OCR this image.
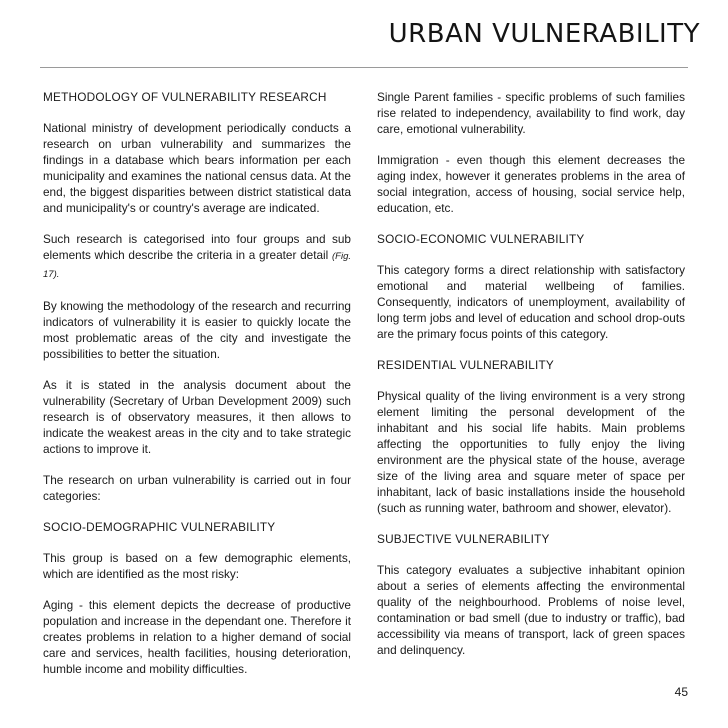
URBAN VULNERABILITY

METHODOLOGY OF VULNERABILITY RESEARCH

National ministry of development periodically conducts a research on urban vulnerability and summarizes the findings in a database which bears information per each municipality and examines the national census data. At the end, the biggest disparities between district statistical data and municipality's or country's average are indicated.

Such research is categorised into four groups and sub elements which describe the criteria in a greater detail (Fig. 17).

By knowing the methodology of the research and recurring indicators of vulnerability it is easier to quickly locate the most problematic areas of the city and investigate the possibilities to better the situation.

As it is stated in the analysis document about the vulnerability (Secretary of Urban Development 2009) such research is of observatory measures, it then allows to indicate the weakest areas in the city and to take strategic actions to improve it.

The research on urban vulnerability is carried out in four categories:

SOCIO-DEMOGRAPHIC VULNERABILITY

This group is based on a few demographic elements, which are identified as the most risky:

Aging - this element depicts the decrease of productive population and increase in the dependant one. Therefore it creates problems in relation to a higher demand of social care and services, health facilities, housing deterioration, humble income and mobility difficulties.

Single Parent families - specific problems of such families rise related to independency, availability to find work, day care, emotional vulnerability.

Immigration - even though this element decreases the aging index, however it generates problems in the area of social integration, access of housing, social service help, education, etc.

SOCIO-ECONOMIC VULNERABILITY

This category forms a direct relationship with satisfactory emotional and material wellbeing of families. Consequently, indicators of unemployment, availability of long term jobs and level of education and school drop-outs are the primary focus points of this category.

RESIDENTIAL VULNERABILITY

Physical quality of the living environment is a very strong element limiting the personal development of the inhabitant and his social life habits. Main problems affecting the opportunities to fully enjoy the living environment are the physical state of the house, average size of the living area and square meter of space per inhabitant, lack of basic installations inside the household (such as running water, bathroom and shower, elevator).

SUBJECTIVE VULNERABILITY

This category evaluates a subjective inhabitant opinion about a series of elements affecting the environmental quality of the neighbourhood. Problems of noise level, contamination or bad smell (due to industry or traffic), bad accessibility via means of transport, lack of green spaces and delinquency.

45
